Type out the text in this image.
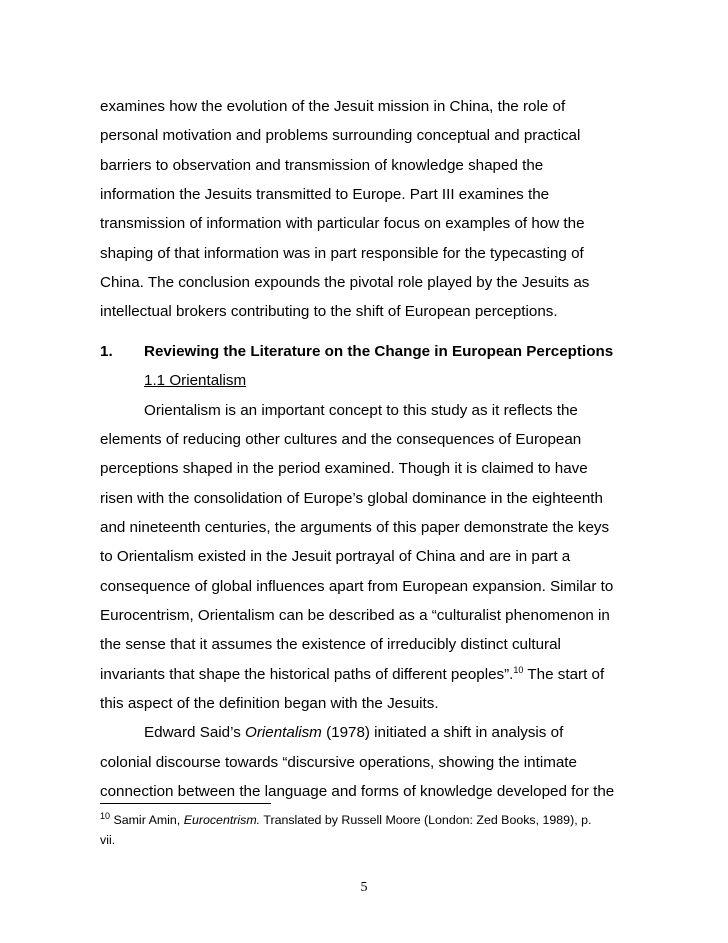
examines how the evolution of the Jesuit mission in China, the role of
personal motivation and problems surrounding conceptual and practical
barriers to observation and transmission of knowledge shaped the
information the Jesuits transmitted to Europe. Part III examines the
transmission of information with particular focus on examples of how the
shaping of that information was in part responsible for the typecasting of
China. The conclusion expounds the pivotal role played by the Jesuits as
intellectual brokers contributing to the shift of European perceptions.
1. Reviewing the Literature on the Change in European Perceptions
1.1 Orientalism
Orientalism is an important concept to this study as it reflects the
elements of reducing other cultures and the consequences of European
perceptions shaped in the period examined. Though it is claimed to have
risen with the consolidation of Europe’s global dominance in the eighteenth
and nineteenth centuries, the arguments of this paper demonstrate the keys
to Orientalism existed in the Jesuit portrayal of China and are in part a
consequence of global influences apart from European expansion. Similar to
Eurocentrism, Orientalism can be described as a “culturalist phenomenon in
the sense that it assumes the existence of irreducibly distinct cultural
invariants that shape the historical paths of different peoples”.$^{10}$ The start of
this aspect of the definition began with the Jesuits.
Edward Said’s Orientalism (1978) initiated a shift in analysis of
colonial discourse towards “discursive operations, showing the intimate
connection between the language and forms of knowledge developed for the
$^{10}$ Samir Amin, Eurocentrism. Translated by Russell Moore (London: Zed Books, 1989), p.
vii.
5
